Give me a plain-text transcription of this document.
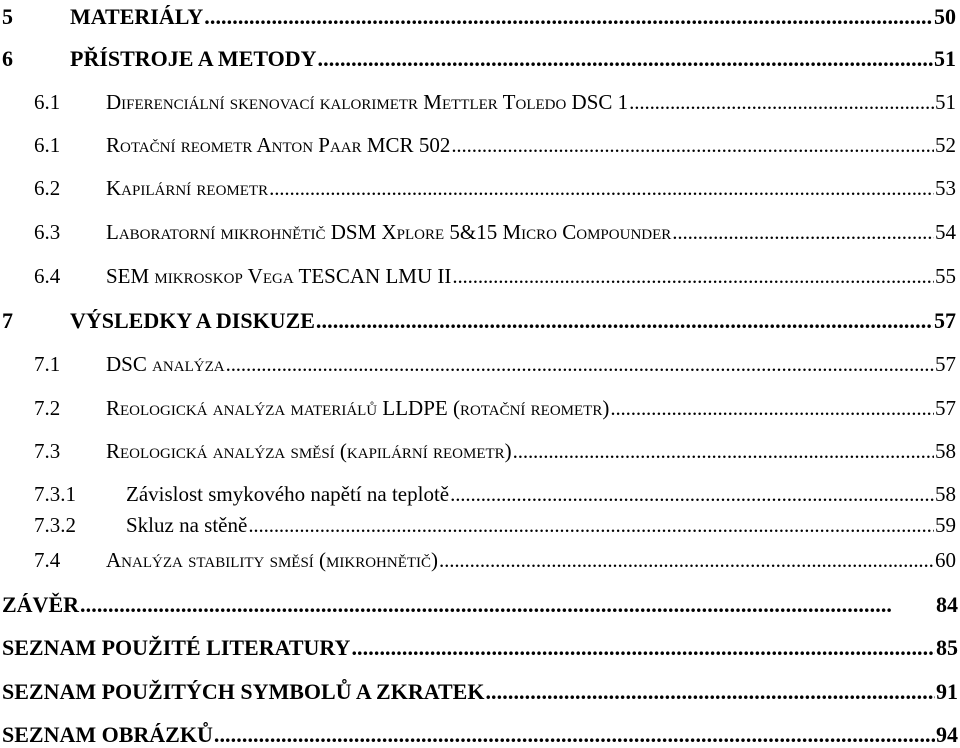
5	MATERIÁLY . . .	50
6	PŘÍSTROJE A METODY . . .	51
6.1	Diferenciální skenovací kalorimetr Mettler Toledo DSC 1 . . .	51
6.1	Rotační reometr Anton Paar MCR 502 . . .	52
6.2	Kapilární reometr . . .	53
6.3	Laboratorní mikrohnětič DSM Xplore 5&15 Micro Compounder . . .	54
6.4	SEM mikroskop Vega TESCAN LMU II . . .	55
7	VÝSLEDKY A DISKUZE . . .	57
7.1	DSC analýza . . .	57
7.2	Reologická analýza materiálů LLDPE (rotační reometr) . . .	57
7.3	Reologická analýza směsí (kapilární reometr) . . .	58
7.3.1	Závislost smykového napětí na teplotě . . .	58
7.3.2	Skluz na stěně . . .	59
7.4	Analýza stability směsí (mikrohnětič) . . .	60
ZÁVĚR . . .	84
SEZNAM POUŽITÉ LITERATURY . . .	85
SEZNAM POUŽITÝCH SYMBOLŮ A ZKRATEK . . .	91
SEZNAM OBRÁZKŮ . . .	94
